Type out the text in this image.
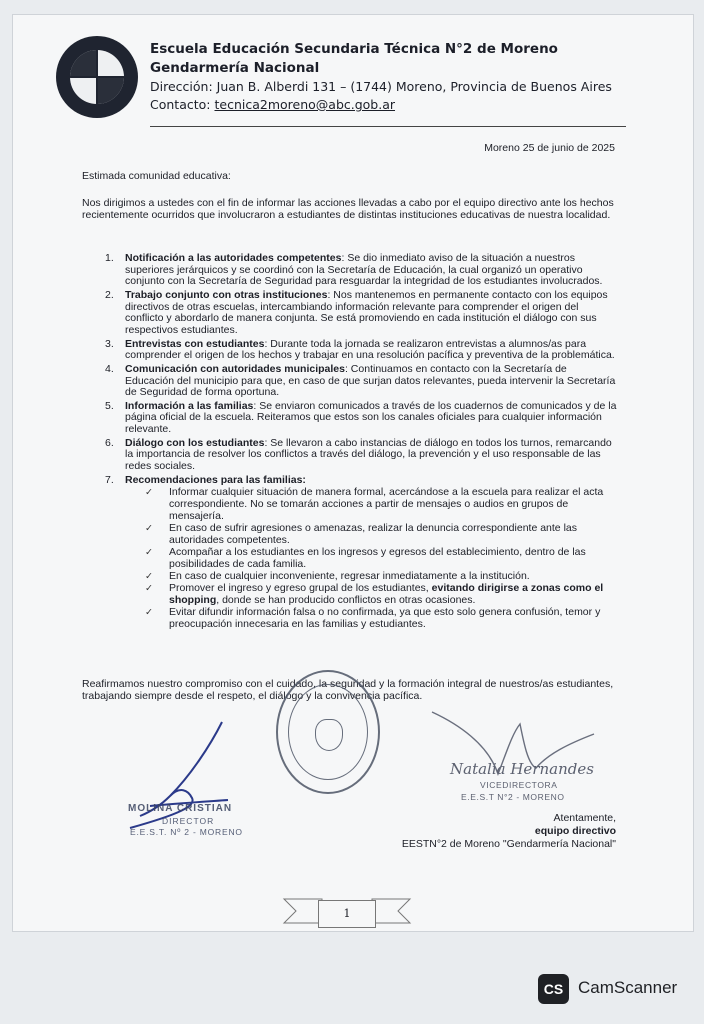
Escuela Educación Secundaria Técnica N°2 de Moreno
Gendarmería Nacional
Dirección: Juan B. Alberdi 131 – (1744) Moreno, Provincia de Buenos Aires
Contacto: tecnica2moreno@abc.gob.ar
Moreno 25 de junio de 2025
Estimada comunidad educativa:
Nos dirigimos a ustedes con el fin de informar las acciones llevadas a cabo por el equipo directivo ante los hechos recientemente ocurridos que involucraron a estudiantes de distintas instituciones educativas de nuestra localidad.
1. Notificación a las autoridades competentes: Se dio inmediato aviso de la situación a nuestros superiores jerárquicos y se coordinó con la Secretaría de Educación, la cual organizó un operativo conjunto con la Secretaría de Seguridad para resguardar la integridad de los estudiantes involucrados.
2. Trabajo conjunto con otras instituciones: Nos mantenemos en permanente contacto con los equipos directivos de otras escuelas, intercambiando información relevante para comprender el origen del conflicto y abordarlo de manera conjunta. Se está promoviendo en cada institución el diálogo con sus respectivos estudiantes.
3. Entrevistas con estudiantes: Durante toda la jornada se realizaron entrevistas a alumnos/as para comprender el origen de los hechos y trabajar en una resolución pacífica y preventiva de la problemática.
4. Comunicación con autoridades municipales: Continuamos en contacto con la Secretaría de Educación del municipio para que, en caso de que surjan datos relevantes, pueda intervenir la Secretaría de Seguridad de forma oportuna.
5. Información a las familias: Se enviaron comunicados a través de los cuadernos de comunicados y de la página oficial de la escuela. Reiteramos que estos son los canales oficiales para cualquier información relevante.
6. Diálogo con los estudiantes: Se llevaron a cabo instancias de diálogo en todos los turnos, remarcando la importancia de resolver los conflictos a través del diálogo, la prevención y el uso responsable de las redes sociales.
7. Recomendaciones para las familias:
✓ Informar cualquier situación de manera formal, acercándose a la escuela para realizar el acta correspondiente. No se tomarán acciones a partir de mensajes o audios en grupos de mensajería.
✓ En caso de sufrir agresiones o amenazas, realizar la denuncia correspondiente ante las autoridades competentes.
✓ Acompañar a los estudiantes en los ingresos y egresos del establecimiento, dentro de las posibilidades de cada familia.
✓ En caso de cualquier inconveniente, regresar inmediatamente a la institución.
✓ Promover el ingreso y egreso grupal de los estudiantes, evitando dirigirse a zonas como el shopping, donde se han producido conflictos en otras ocasiones.
✓ Evitar difundir información falsa o no confirmada, ya que esto solo genera confusión, temor y preocupación innecesaria en las familias y estudiantes.
Reafirmamos nuestro compromiso con el cuidado, la seguridad y la formación integral de nuestros/as estudiantes, trabajando siempre desde el respeto, el diálogo y la convivencia pacífica.
MOLINA CRISTIAN
DIRECTOR
E.E.S.T. Nº 2 - MORENO
Natalia Hernandes
VICEDIRECTORA
E.E.S.T N°2 - MORENO
Atentamente,
equipo directivo
EESTN°2 de Moreno "Gendarmería Nacional"
1
CS CamScanner
